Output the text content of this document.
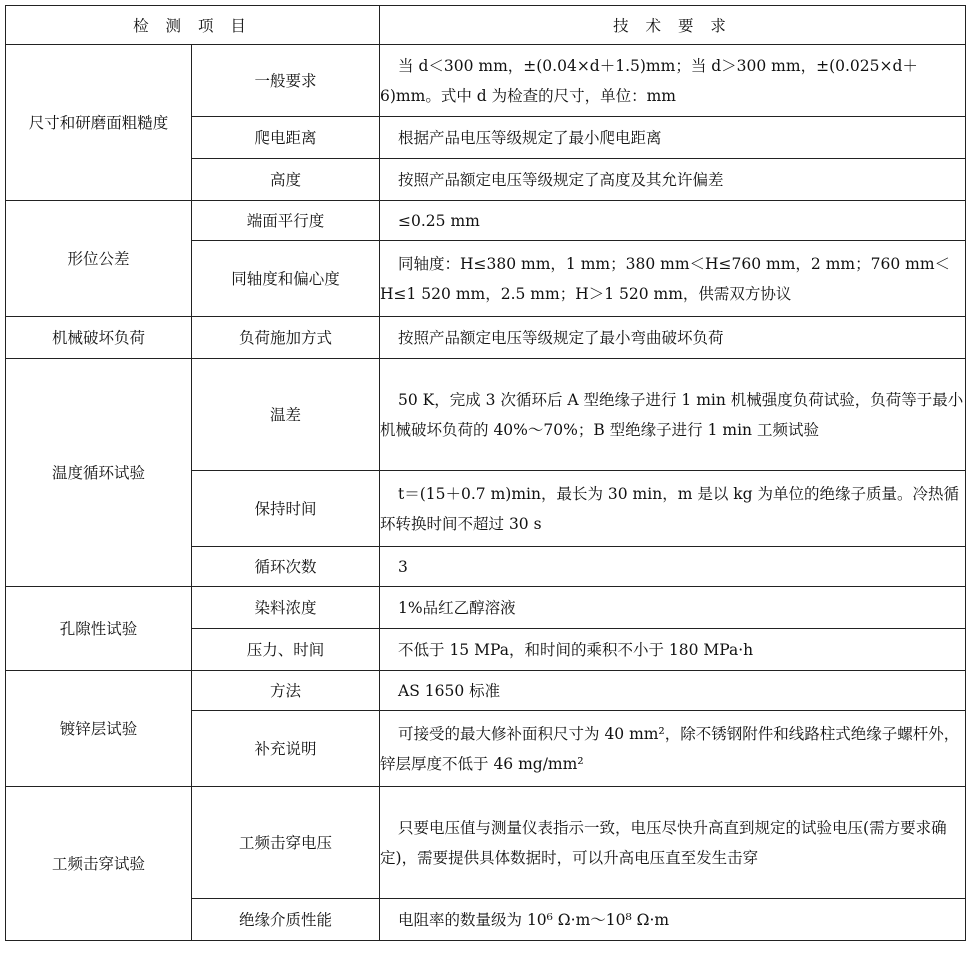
检 测 项 目		技 术 要 求
尺寸和研磨面粗糙度	一般要求	当 d＜300 mm，±(0.04×d＋1.5)mm；当 d＞300 mm，±(0.025×d＋6)mm。式中 d 为检查的尺寸，单位：mm
	爬电距离	根据产品电压等级规定了最小爬电距离
	高度	按照产品额定电压等级规定了高度及其允许偏差
形位公差	端面平行度	≤0.25 mm
	同轴度和偏心度	同轴度：H≤380 mm，1 mm；380 mm＜H≤760 mm，2 mm；760 mm＜H≤1 520 mm，2.5 mm；H＞1 520 mm，供需双方协议
机械破坏负荷	负荷施加方式	按照产品额定电压等级规定了最小弯曲破坏负荷
温度循环试验	温差	50 K，完成 3 次循环后 A 型绝缘子进行 1 min 机械强度负荷试验，负荷等于最小机械破坏负荷的 40%～70%；B 型绝缘子进行 1 min 工频试验
	保持时间	t＝(15＋0.7 m)min，最长为 30 min，m 是以 kg 为单位的绝缘子质量。冷热循环转换时间不超过 30 s
	循环次数	3
孔隙性试验	染料浓度	1%品红乙醇溶液
	压力、时间	不低于 15 MPa，和时间的乘积不小于 180 MPa·h
镀锌层试验	方法	AS 1650 标准
	补充说明	可接受的最大修补面积尺寸为 40 mm²，除不锈钢附件和线路柱式绝缘子螺杆外，锌层厚度不低于 46 mg/mm²
工频击穿试验	工频击穿电压	只要电压值与测量仪表指示一致，电压尽快升高直到规定的试验电压(需方要求确定)，需要提供具体数据时，可以升高电压直至发生击穿
	绝缘介质性能	电阻率的数量级为 10⁶ Ω·m～10⁸ Ω·m
